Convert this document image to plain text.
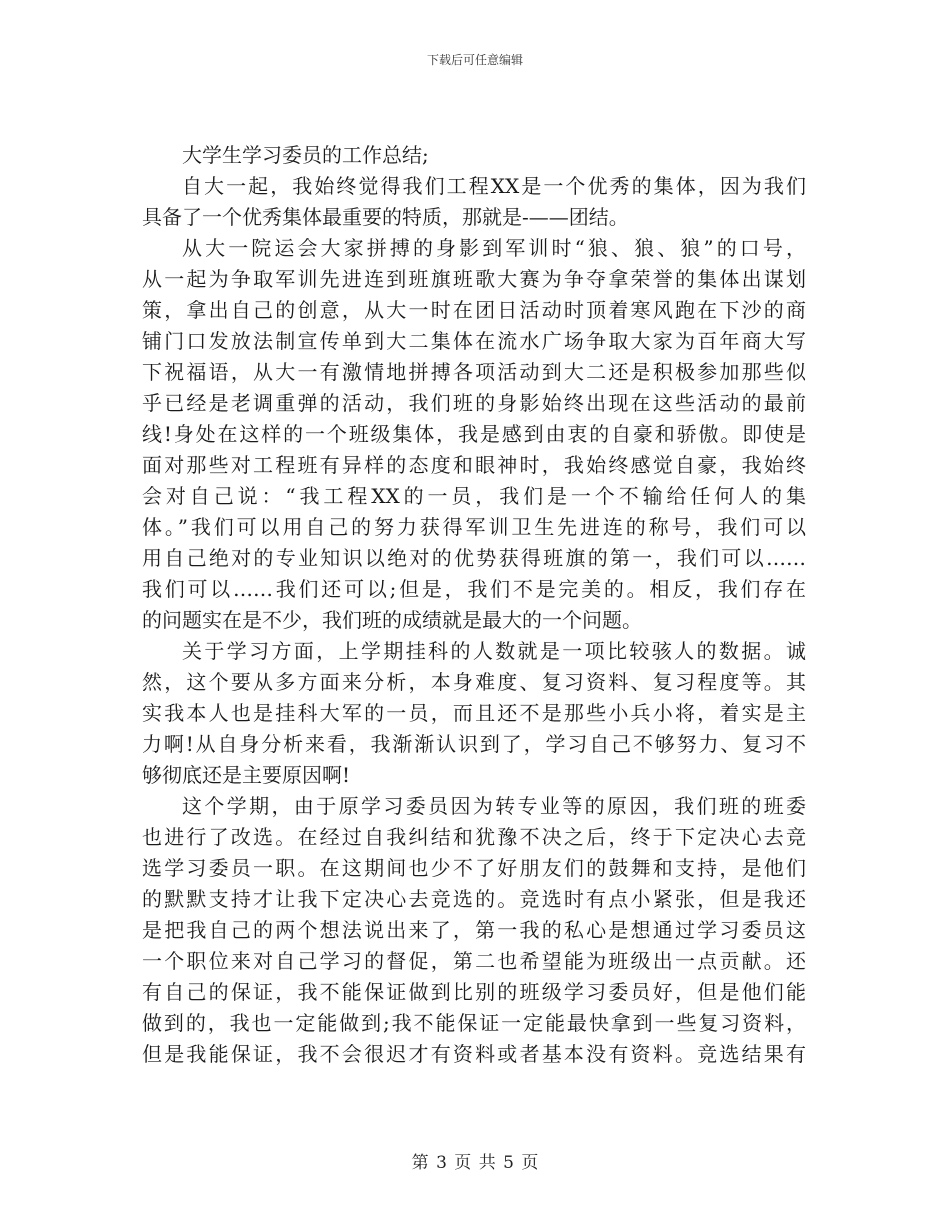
下载后可任意编辑
大学生学习委员的工作总结;
自大一起，我始终觉得我们工程XX是一个优秀的集体，因为我们
具备了一个优秀集体最重要的特质，那就是-——团结。
从大一院运会大家拼搏的身影到军训时“狼、狼、狼”的口号，
从一起为争取军训先进连到班旗班歌大赛为争夺拿荣誉的集体出谋划
策，拿出自己的创意，从大一时在团日活动时顶着寒风跑在下沙的商
铺门口发放法制宣传单到大二集体在流水广场争取大家为百年商大写
下祝福语，从大一有激情地拼搏各项活动到大二还是积极参加那些似
乎已经是老调重弹的活动，我们班的身影始终出现在这些活动的最前
线!身处在这样的一个班级集体，我是感到由衷的自豪和骄傲。即使是
面对那些对工程班有异样的态度和眼神时，我始终感觉自豪，我始终
会对自己说：“我工程XX的一员，我们是一个不输给任何人的集
体。”我们可以用自己的努力获得军训卫生先进连的称号，我们可以
用自己绝对的专业知识以绝对的优势获得班旗的第一，我们可以……
我们可以……我们还可以;但是，我们不是完美的。相反，我们存在
的问题实在是不少，我们班的成绩就是最大的一个问题。
关于学习方面，上学期挂科的人数就是一项比较骇人的数据。诚
然，这个要从多方面来分析，本身难度、复习资料、复习程度等。其
实我本人也是挂科大军的一员，而且还不是那些小兵小将，着实是主
力啊!从自身分析来看，我渐渐认识到了，学习自己不够努力、复习不
够彻底还是主要原因啊!
这个学期，由于原学习委员因为转专业等的原因，我们班的班委
也进行了改选。在经过自我纠结和犹豫不决之后，终于下定决心去竞
选学习委员一职。在这期间也少不了好朋友们的鼓舞和支持，是他们
的默默支持才让我下定决心去竞选的。竞选时有点小紧张，但是我还
是把我自己的两个想法说出来了，第一我的私心是想通过学习委员这
一个职位来对自己学习的督促，第二也希望能为班级出一点贡献。还
有自己的保证，我不能保证做到比别的班级学习委员好，但是他们能
做到的，我也一定能做到;我不能保证一定能最快拿到一些复习资料，
但是我能保证，我不会很迟才有资料或者基本没有资料。竞选结果有
第 3 页 共 5 页
